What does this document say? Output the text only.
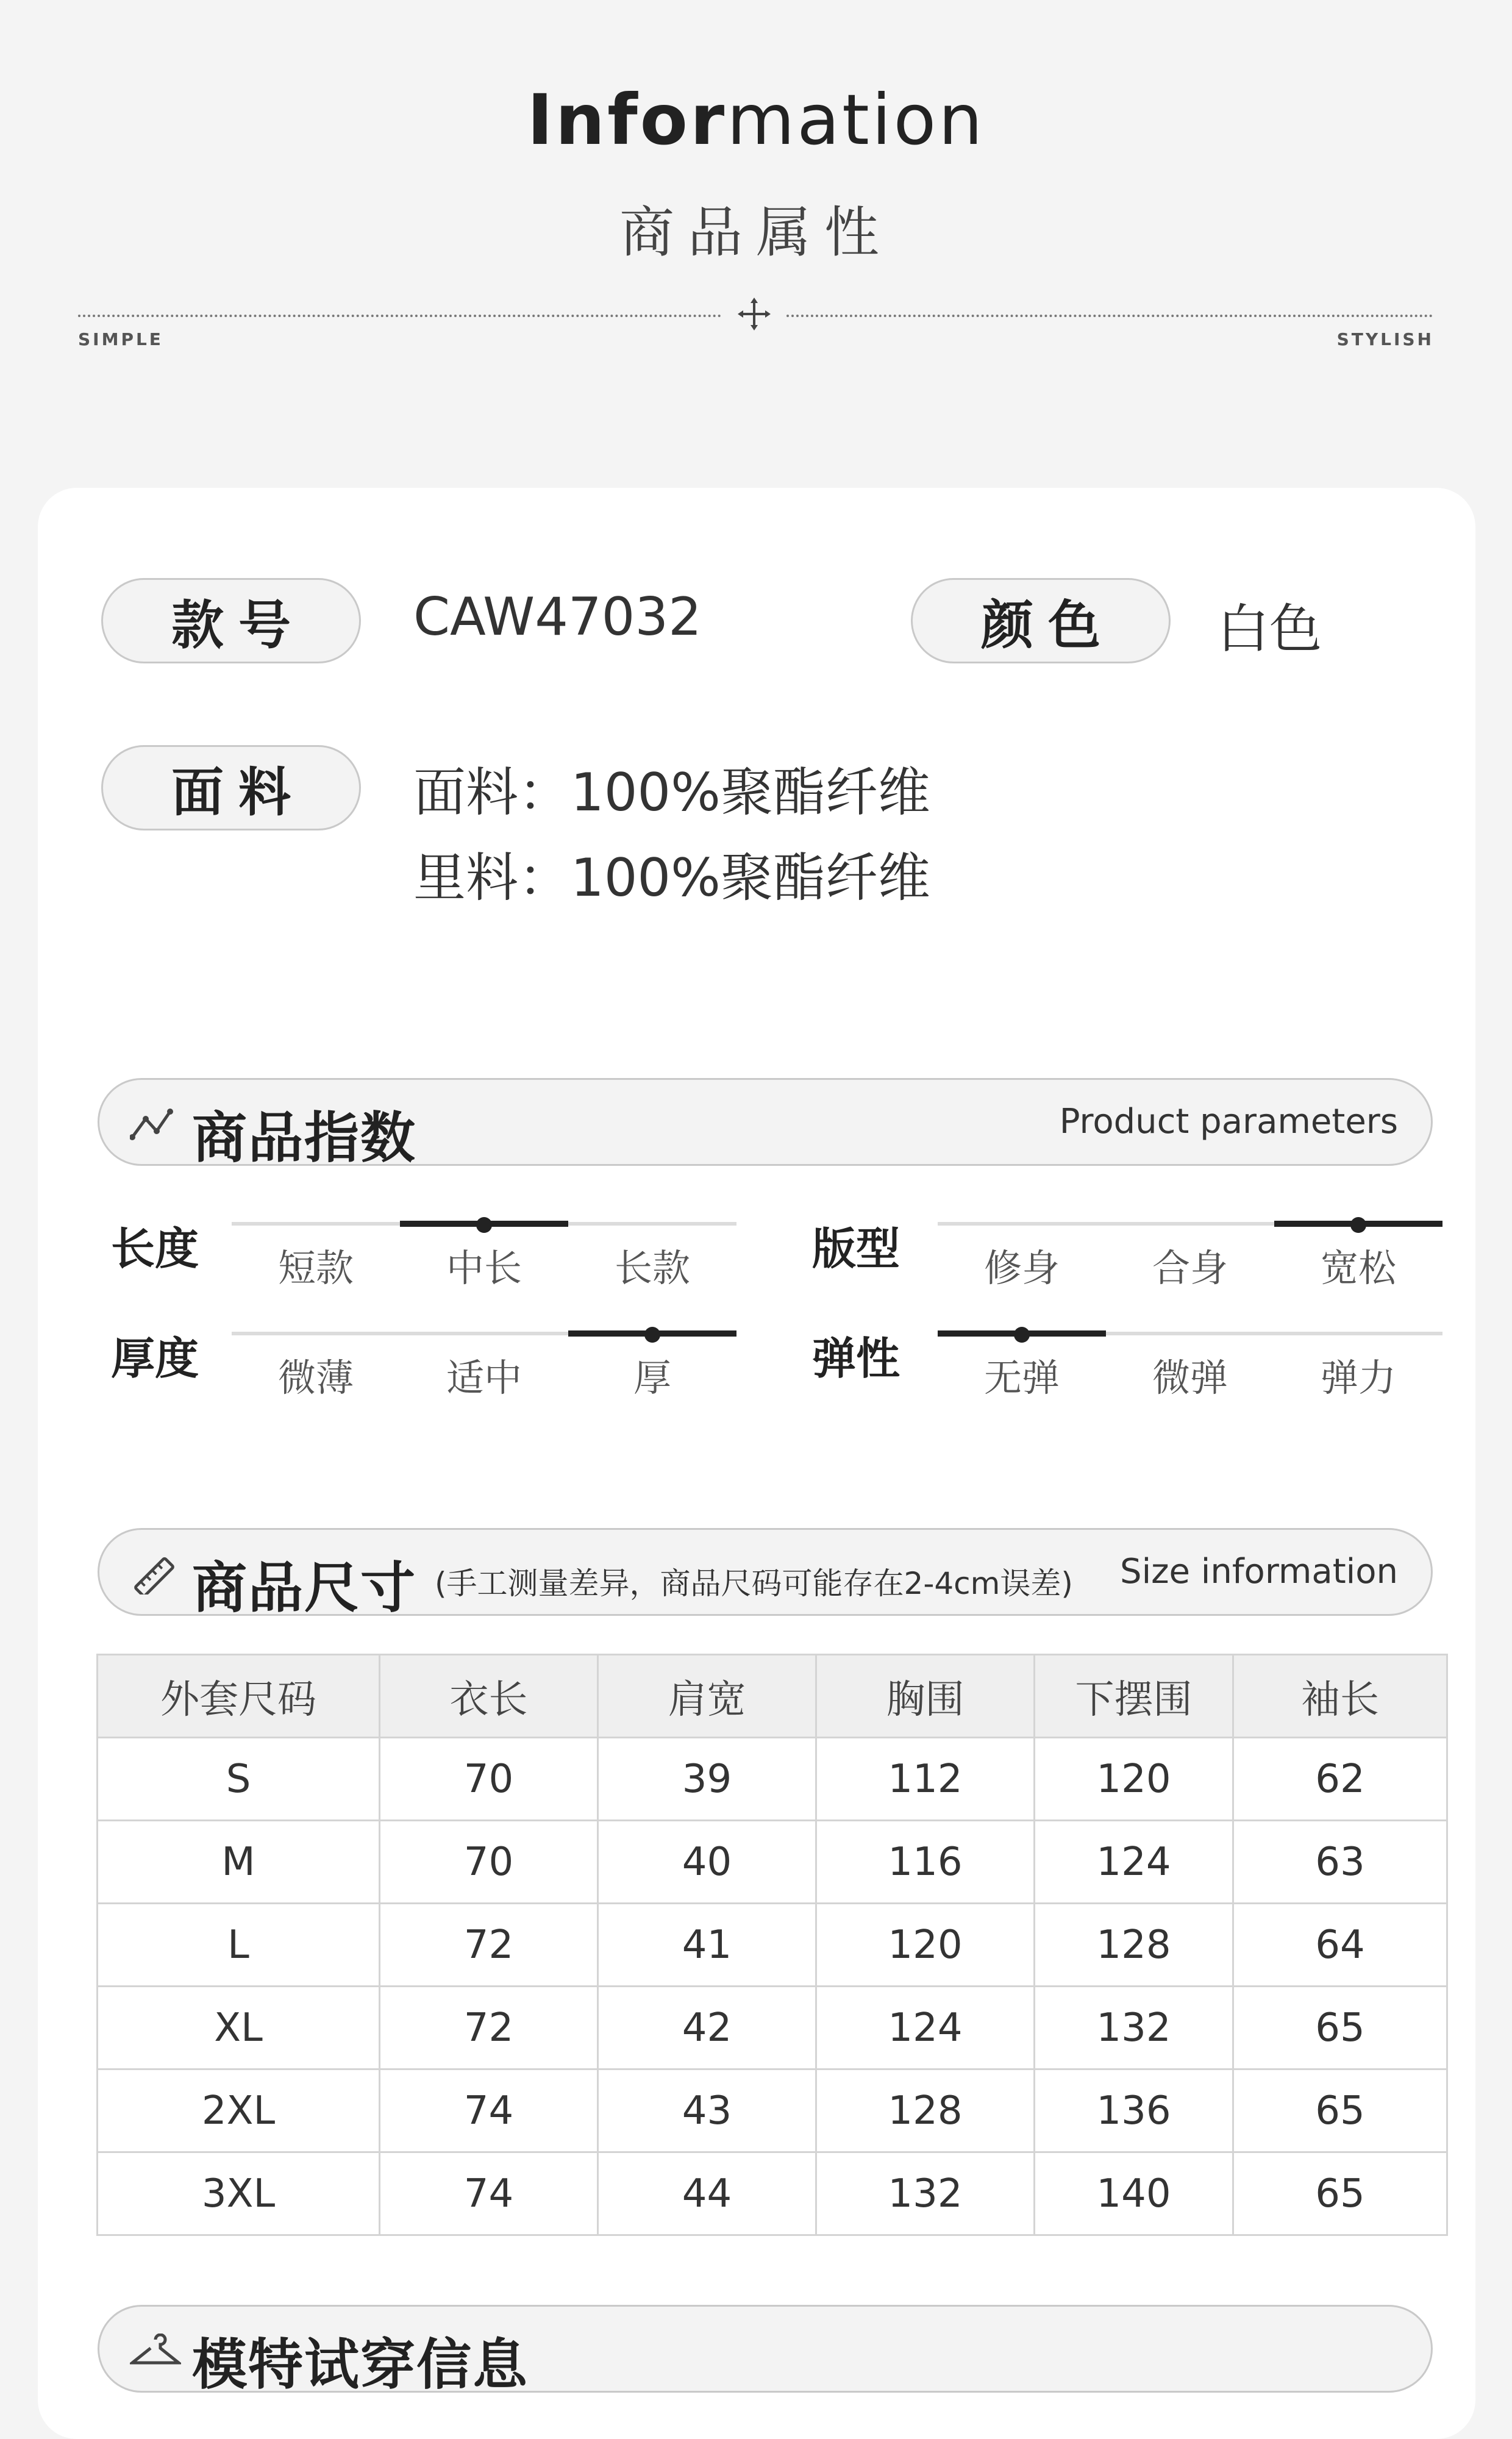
Information
商品属性
SIMPLE	STYLISH
款号 CAW47032	颜色 白色
面料 面料：100%聚酯纤维
里料：100%聚酯纤维
商品指数	Product parameters
长度	短款	中长	长款	版型	修身	合身	宽松
厚度	微薄	适中	厚	弹性	无弹	微弹	弹力
商品尺寸 (手工测量差异，商品尺码可能存在2-4cm误差) Size information
外套尺码	衣长	肩宽	胸围	下摆围	袖长
S	70	39	112	120	62
M	70	40	116	124	63
L	72	41	120	128	64
XL	72	42	124	132	65
2XL	74	43	128	136	65
3XL	74	44	132	140	65
模特试穿信息
